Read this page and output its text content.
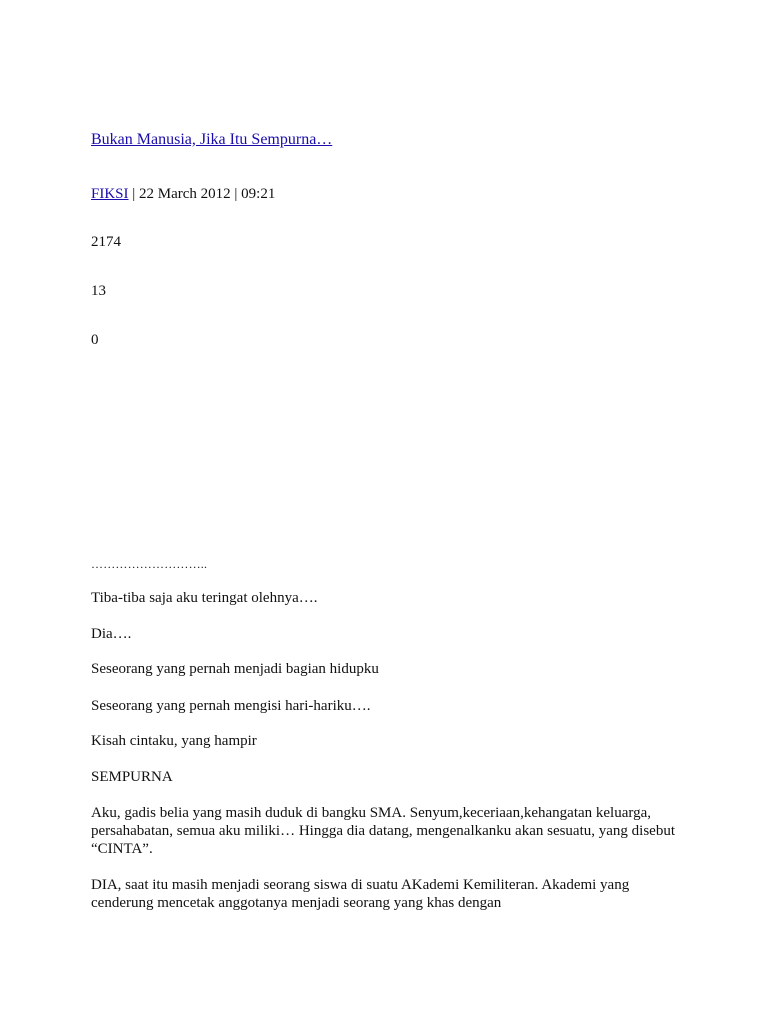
Bukan Manusia, Jika Itu Sempurna…
FIKSI | 22 March 2012 | 09:21
2174
13
0
………………………..
Tiba-tiba saja aku teringat olehnya….
Dia….
Seseorang yang pernah menjadi bagian hidupku
Seseorang yang pernah mengisi hari-hariku….
Kisah cintaku, yang hampir
SEMPURNA

Aku, gadis belia yang masih duduk di bangku SMA. Senyum,keceriaan,kehangatan keluarga, persahabatan, semua aku miliki… Hingga dia datang, mengenalkanku akan sesuatu, yang disebut “CINTA”.

DIA, saat itu masih menjadi seorang siswa di suatu AKademi Kemiliteran. Akademi yang cenderung mencetak anggotanya menjadi seorang yang khas dengan
